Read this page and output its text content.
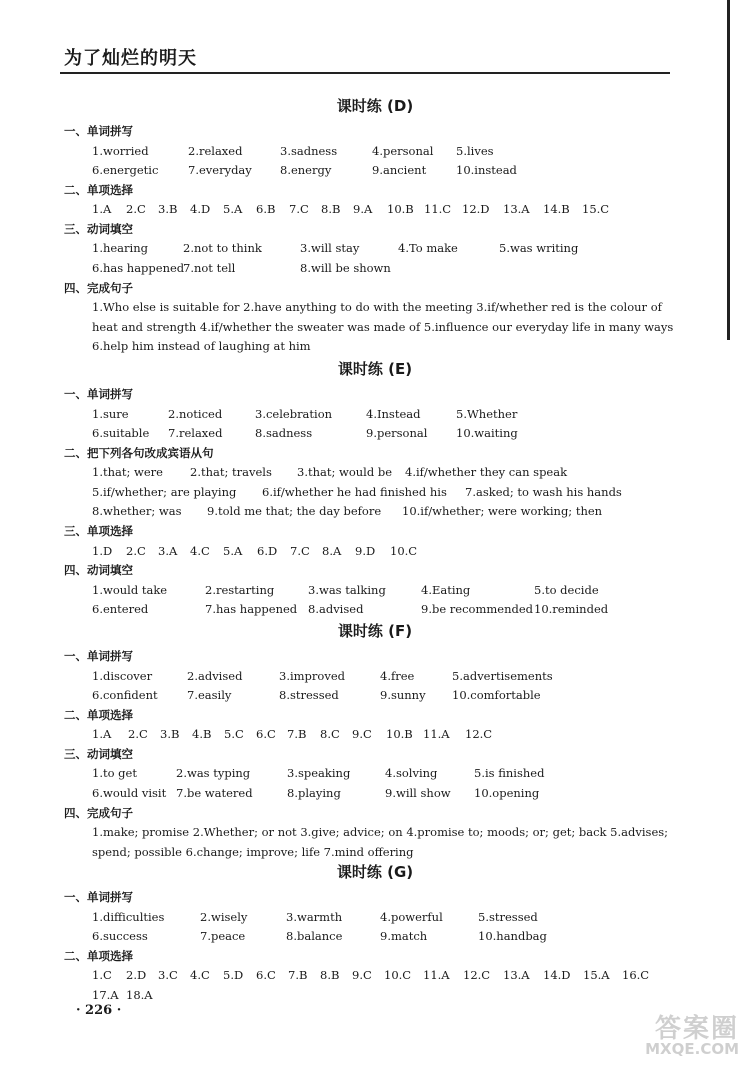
为了灿烂的明天
课时练 (D)
一、单词拼写
1.worried	2.relaxed	3.sadness	4.personal 5.lives
6.energetic	7.everyday 8.energy	9.ancient	10.instead
二、单项选择
1.A 2.C 3.B 4.D 5.A 6.B 7.C 8.B 9.A 10.B 11.C 12.D 13.A 14.B 15.C
三、动词填空
1.hearing	2.not to think	3.will stay	4.To make	5.was writing
6.has happened
7.not tell	8.will be shown
四、完成句子
1.Who else is suitable for 2.have anything to do with the meeting 3.if/whether red is the colour of
heat and strength 4.if/whether the sweater was made of 5.influence our everyday life in many ways
6.help him instead of laughing at him
课时练 (E)
一、单词拼写
1.sure	2.noticed	3.celebration	4.Instead	5.Whether
6.suitable 7.relaxed	8.sadness	9.personal 10.waiting
二、把下列各句改成宾语从句
1.that; were 2.that; travels 3.that; would be 4.if/whether they can speak
5.if/whether; are playing 6.if/whether he had finished his 7.asked; to wash his hands
8.whether; was 9.told me that; the day before 10.if/whether; were working; then
三、单项选择
1.D 2.C 3.A 4.C 5.A 6.D 7.C 8.A 9.D 10.C
四、动词填空
1.would take	2.restarting	3.was talking	4.Eating	5.to decide
6.entered	7.has happened 8.advised	9.be recommended 10.reminded
课时练 (F)
一、单词拼写
1.discover	2.advised	3.improved	4.free	5.advertisements
6.confident	7.easily	8.stressed	9.sunny 10.comfortable
二、单项选择
1.A 2.C 3.B 4.B 5.C 6.C 7.B 8.C 9.C 10.B 11.A 12.C
三、动词填空
1.to get	2.was typing	3.speaking	4.solving	5.is finished
6.would visit 7.be watered	8.playing	9.will show 10.opening
四、完成句子
1.make; promise 2.Whether; or not 3.give; advice; on 4.promise to; moods; or; get; back 5.advises;
spend; possible 6.change; improve; life 7.mind offering
课时练 (G)
一、单词拼写
1.difficulties	2.wisely	3.warmth	4.powerful	5.stressed
6.success	7.peace	8.balance	9.match	10.handbag
二、单项选择
1.C 2.D 3.C 4.C 5.D 6.C 7.B 8.B 9.C 10.C 11.A 12.C 13.A 14.D 15.A 16.C
17.A 18.A
· 226 ·
答案圈
MXQE.COM
